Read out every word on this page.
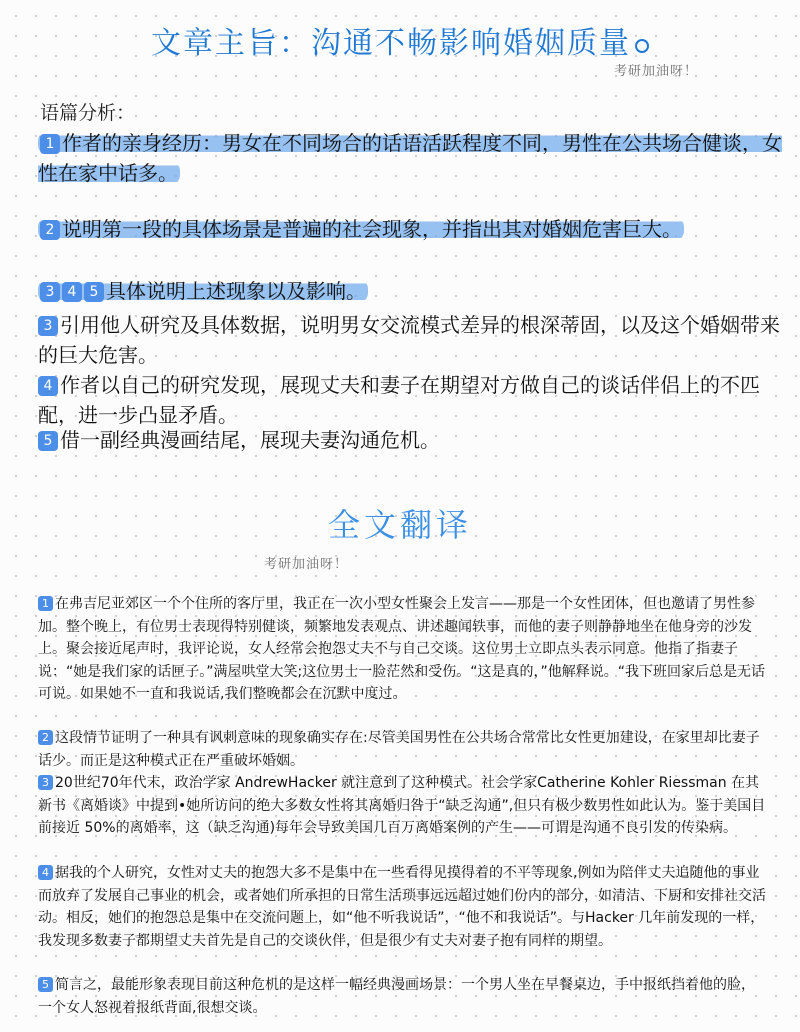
文章主旨：沟通不畅影响婚姻质量
考研加油呀！
语篇分析：
1 作者的亲身经历：男女在不同场合的话语活跃程度不同，男性在公共场合健谈，女性在家中话多。
2 说明第一段的具体场景是普遍的社会现象，并指出其对婚姻危害巨大。
3 4 5 具体说明上述现象以及影响。
3 引用他人研究及具体数据，说明男女交流模式差异的根深蒂固，以及这个婚姻带来的巨大危害。
4 作者以自己的研究发现，展现丈夫和妻子在期望对方做自己的谈话伴侣上的不匹配，进一步凸显矛盾。
5 借一副经典漫画结尾，展现夫妻沟通危机。
全文翻译
考研加油呀！
1 在弗吉尼亚郊区一个个住所的客厅里，我正在一次小型女性聚会上发言——那是一个女性团体，但也邀请了男性参加。整个晚上，有位男士表现得特别健谈，频繁地发表观点、讲述趣闻轶事，而他的妻子则静静地坐在他身旁的沙发上。聚会接近尾声时，我评论说，女人经常会抱怨丈夫不与自己交谈。这位男士立即点头表示同意。他指了指妻子说：“她是我们家的话匣子。”满屋哄堂大笑;这位男士一脸茫然和受伤。“这是真的，”他解释说。“我下班回家后总是无话可说。如果她不一直和我说话,我们整晚都会在沉默中度过。
2 这段情节证明了一种具有讽刺意味的现象确实存在:尽管美国男性在公共场合常常比女性更加建设，在家里却比妻子话少。而正是这种模式正在严重破坏婚姻。
3 20世纪70年代末，政治学家 AndrewHacker 就注意到了这种模式。社会学家Catherine Kohler Riessman 在其新书《离婚谈》中提到•她所访问的绝大多数女性将其离婚归咎于“缺乏沟通”,但只有极少数男性如此认为。鉴于美国目前接近 50%的离婚率，这（缺乏沟通)每年会导致美国几百万离婚案例的产生——可谓是沟通不良引发的传染病。
4 据我的个人研究，女性对丈夫的抱怨大多不是集中在一些看得见摸得着的不平等现象,例如为陪伴丈夫追随他的事业而放弃了发展自己事业的机会，或者她们所承担的日常生活琐事远远超过她们份内的部分，如清洁、下厨和安排社交活动。相反，她们的抱怨总是集中在交流问题上，如“他不听我说话”，“他不和我说话”。与Hacker 几年前发现的一样，我发现多数妻子都期望丈夫首先是自己的交谈伙伴，但是很少有丈夫对妻子抱有同样的期望。
5 简言之，最能形象表现目前这种危机的是这样一幅经典漫画场景：一个男人坐在早餐桌边，手中报纸挡着他的脸，一个女人怒视着报纸背面,很想交谈。
